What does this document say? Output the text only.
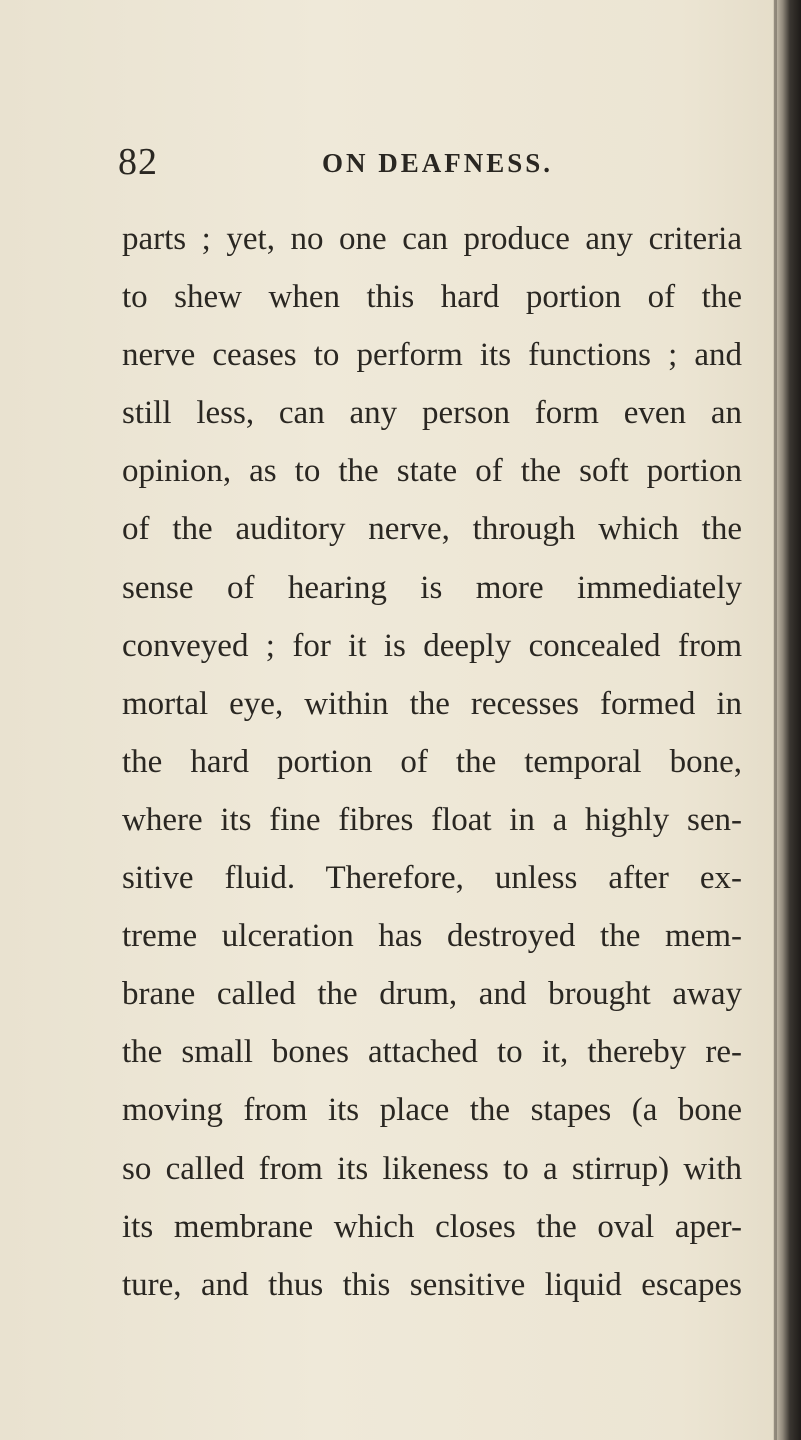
82	ON DEAFNESS.
parts ; yet, no one can produce any criteria
to shew when this hard portion of the
nerve ceases to perform its functions ; and
still less, can any person form even an
opinion, as to the state of the soft portion
of the auditory nerve, through which the
sense of hearing is more immediately
conveyed ; for it is deeply concealed from
mortal eye, within the recesses formed in
the hard portion of the temporal bone,
where its fine fibres float in a highly sen-
sitive fluid. Therefore, unless after ex-
treme ulceration has destroyed the mem-
brane called the drum, and brought away
the small bones attached to it, thereby re-
moving from its place the stapes (a bone
so called from its likeness to a stirrup) with
its membrane which closes the oval aper-
ture, and thus this sensitive liquid escapes
